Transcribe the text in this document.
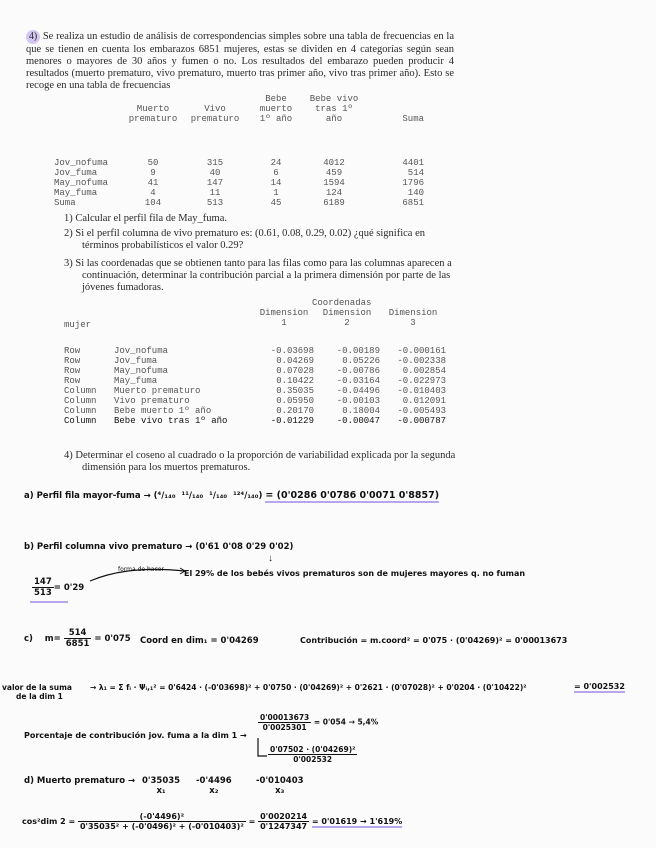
4) Se realiza un estudio de análisis de correspondencias simples sobre una tabla de frecuencias en la que se tienen en cuenta los embarazos 6851 mujeres, estas se dividen en 4 categorías según sean menores o mayores de 30 años y fumen o no. Los resultados del embarazo pueden producir 4 resultados (muerto prematuro, vivo prematuro, muerto tras primer año, vivo tras primer año). Esto se recoge en una tabla de frecuencias
			Bebe	Bebe vivo	
	Muerto	Vivo	muerto	tras 1º	
	prematuro	prematuro	1º año	año	Suma

Jov_nofuma	50	315	24	4012	4401
Jov_fuma	9	40	6	459	514
May_nofuma	41	147	14	1594	1796
May_fuma	4	11	1	124	140
Suma	104	513	45	6189	6851
1) Calcular el perfil fila de May_fuma.
2) Si el perfil columna de vivo prematuro es: (0.61, 0.08, 0.29, 0.02) ¿qué significa en términos probabilísticos el valor 0.29?
3) Si las coordenadas que se obtienen tanto para las filas como para las columnas aparecen a continuación, determinar la contribución parcial a la primera dimensión por parte de las jóvenes fumadoras.
Coordenadas
mujer
		Dimension	Dimension	Dimension
		1	2	3

Row	Jov_nofuma	-0.03698	-0.00189	-0.000161
Row	Jov_fuma	0.04269	0.05226	-0.002338
Row	May_nofuma	0.07028	-0.00786	0.002854
Row	May_fuma	0.10422	-0.03164	-0.022973
Column	Muerto prematuro	0.35035	-0.04496	-0.010403
Column	Vivo prematuro	0.05950	-0.00103	0.012091
Column	Bebe muerto 1º año	0.20170	0.18004	-0.005493
Column	Bebe vivo tras 1º año	-0.01229	-0.00047	-0.000787
4) Determinar el coseno al cuadrado o la proporción de variabilidad explicada por la segunda dimensión para los muertos prematuros.
a) Perfil fila mayor-fuma → (⁴/₁₄₀ ¹¹/₁₄₀ ¹/₁₄₀ ¹²⁴/₁₄₀) = (0'0286 0'0786 0'0071 0'8857)
b) Perfil columna vivo prematuro → (0'61 0'08 0'29 0'02)
↓
forma de hacer	El 29% de los bebés vivos prematuros son de mujeres mayores q. no fuman
$\frac{147}{513} = 0'29$
c) $m= \frac{514}{6851} = 0'075$ Coord en dim₁ = 0'04269	Contribución = m.coord² = 0'075 · (0'04269)² = 0'00013673
valor de la suma
de la dim 1
→ λ₁ = Σ fᵢ · Ψᵢ,₁² = 0'6424 · (-0'03698)² + 0'0750 · (0'04269)² + 0'2621 · (0'07028)² + 0'0204 · (0'10422)²	= 0'002532
Porcentaje de contribución jov. fuma a la dim 1 →
$\frac{0'00013673}{0'0025301} = 0'054 \to 5,4\%$
$\frac{\text{0'07502 · (0'04269)²}}{0'002532}$
d) Muerto prematuro → 0'35035
x₁
-0'4496
x₂
-0'010403
x₃
cos²dim $2 = \frac{\text{(-0'4496)²}}{\text{0'35035² + (-0'0496)² + (-0'010403)²}} = \frac{0'0020214}{0'1247347} = 0'01619 \to 1'619\%$
